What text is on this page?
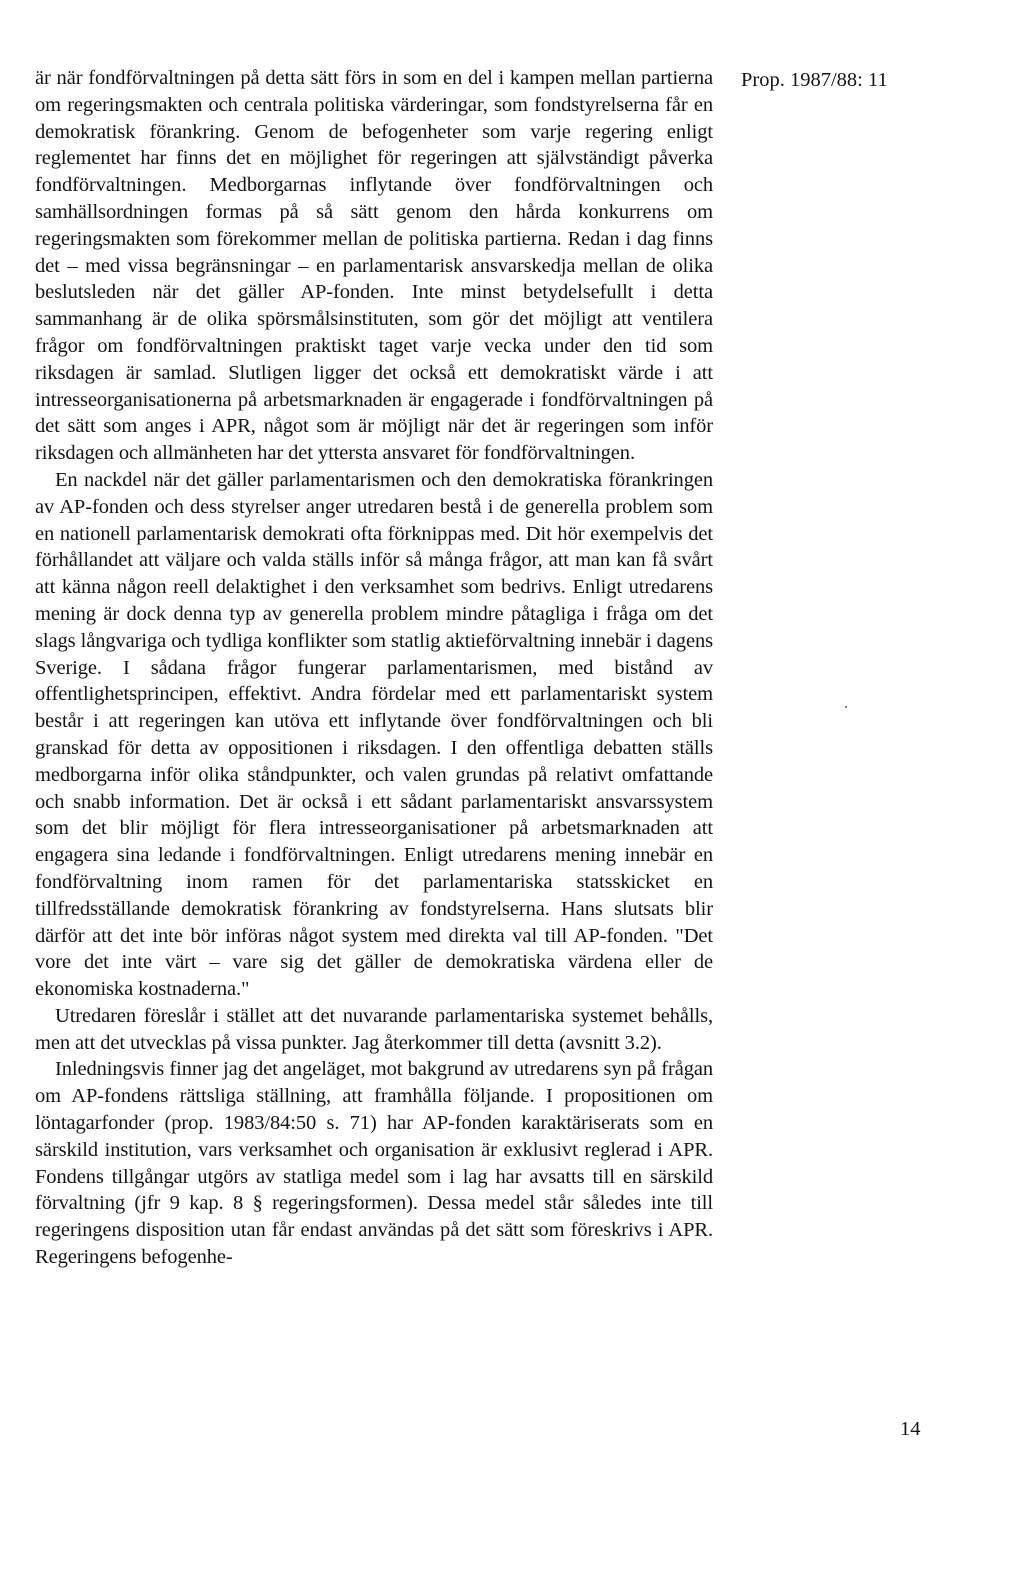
Prop. 1987/88: 11

är när fondförvaltningen på detta sätt förs in som en del i kampen mellan partierna om regeringsmakten och centrala politiska värderingar, som fondstyrelserna får en demokratisk förankring. Genom de befogenheter som varje regering enligt reglementet har finns det en möjlighet för regeringen att självständigt påverka fondförvaltningen. Medborgarnas inflytande över fondförvaltningen och samhällsordningen formas på så sätt genom den hårda konkurrens om regeringsmakten som förekommer mellan de politiska partierna. Redan i dag finns det – med vissa begränsningar – en parlamentarisk ansvarskedja mellan de olika beslutsleden när det gäller AP-fonden. Inte minst betydelsefullt i detta sammanhang är de olika spörsmålsinstituten, som gör det möjligt att ventilera frågor om fondförvaltningen praktiskt taget varje vecka under den tid som riksdagen är samlad. Slutligen ligger det också ett demokratiskt värde i att intresseorganisationerna på arbetsmarknaden är engagerade i fondförvaltningen på det sätt som anges i APR, något som är möjligt när det är regeringen som inför riksdagen och allmänheten har det yttersta ansvaret för fondförvaltningen.

En nackdel när det gäller parlamentarismen och den demokratiska förankringen av AP-fonden och dess styrelser anger utredaren bestå i de generella problem som en nationell parlamentarisk demokrati ofta förknippas med. Dit hör exempelvis det förhållandet att väljare och valda ställs inför så många frågor, att man kan få svårt att känna någon reell delaktighet i den verksamhet som bedrivs. Enligt utredarens mening är dock denna typ av generella problem mindre påtagliga i fråga om det slags långvariga och tydliga konflikter som statlig aktieförvaltning innebär i dagens Sverige. I sådana frågor fungerar parlamentarismen, med bistånd av offentlighetsprincipen, effektivt. Andra fördelar med ett parlamentariskt system består i att regeringen kan utöva ett inflytande över fondförvaltningen och bli granskad för detta av oppositionen i riksdagen. I den offentliga debatten ställs medborgarna inför olika ståndpunkter, och valen grundas på relativt omfattande och snabb information. Det är också i ett sådant parlamentariskt ansvarssystem som det blir möjligt för flera intresseorganisationer på arbetsmarknaden att engagera sina ledande i fondförvaltningen. Enligt utredarens mening innebär en fondförvaltning inom ramen för det parlamentariska statsskicket en tillfredsställande demokratisk förankring av fondstyrelserna. Hans slutsats blir därför att det inte bör införas något system med direkta val till AP-fonden. "Det vore det inte värt – vare sig det gäller de demokratiska värdena eller de ekonomiska kostnaderna."

Utredaren föreslår i stället att det nuvarande parlamentariska systemet behålls, men att det utvecklas på vissa punkter. Jag återkommer till detta (avsnitt 3.2).

Inledningsvis finner jag det angeläget, mot bakgrund av utredarens syn på frågan om AP-fondens rättsliga ställning, att framhålla följande. I propositionen om löntagarfonder (prop. 1983/84:50 s. 71) har AP-fonden karaktäriserats som en särskild institution, vars verksamhet och organisation är exklusivt reglerad i APR. Fondens tillgångar utgörs av statliga medel som i lag har avsatts till en särskild förvaltning (jfr 9 kap. 8 § regeringsformen). Dessa medel står således inte till regeringens disposition utan får endast användas på det sätt som föreskrivs i APR. Regeringens befogenhe-

14
